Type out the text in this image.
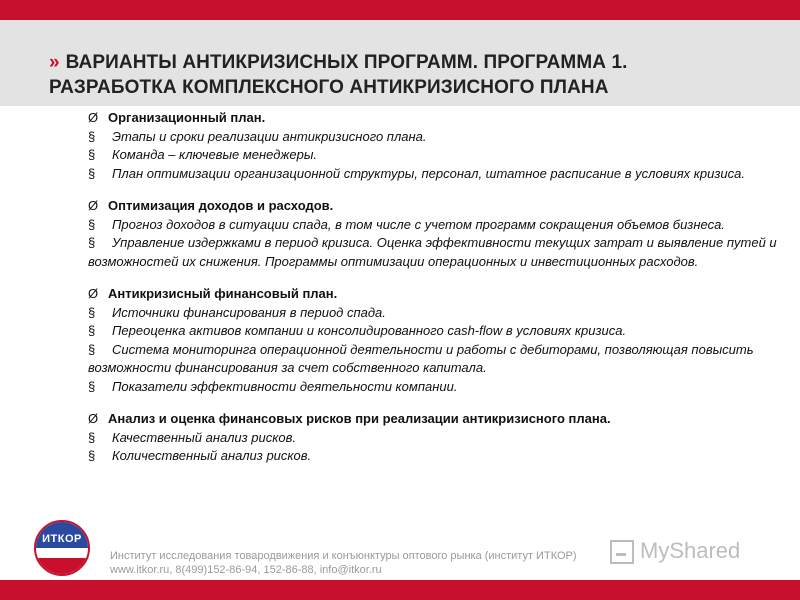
» ВАРИАНТЫ АНТИКРИЗИСНЫХ ПРОГРАММ. ПРОГРАММА 1.
РАЗРАБОТКА КОМПЛЕКСНОГО АНТИКРИЗИСНОГО ПЛАНА
Ø Организационный план.
§ Этапы и сроки реализации антикризисного плана.
§ Команда – ключевые менеджеры.
§ План оптимизации организационной структуры, персонал, штатное расписание в условиях кризиса.
Ø Оптимизация доходов и расходов.
§ Прогноз доходов в ситуации спада, в том числе с учетом программ сокращения объемов бизнеса.
§ Управление издержками в период кризиса. Оценка эффективности текущих затрат и выявление путей и возможностей их снижения. Программы оптимизации операционных и инвестиционных расходов.
Ø Антикризисный финансовый план.
§ Источники финансирования в период спада.
§ Переоценка активов компании и консолидированного cash-flow в условиях кризиса.
§ Система мониторинга операционной деятельности и работы с дебиторами, позволяющая повысить возможности финансирования за счет собственного капитала.
§ Показатели эффективности деятельности компании.
Ø Анализ и оценка финансовых рисков при реализации антикризисного плана.
§ Качественный анализ рисков.
§ Количественный анализ рисков.
ИТКОР
Институт исследования товародвижения и конъюнктуры оптового рынка (институт ИТКОР)
www.itkor.ru, 8(499)152-86-94, 152-86-88, info@itkor.ru
MyShared
